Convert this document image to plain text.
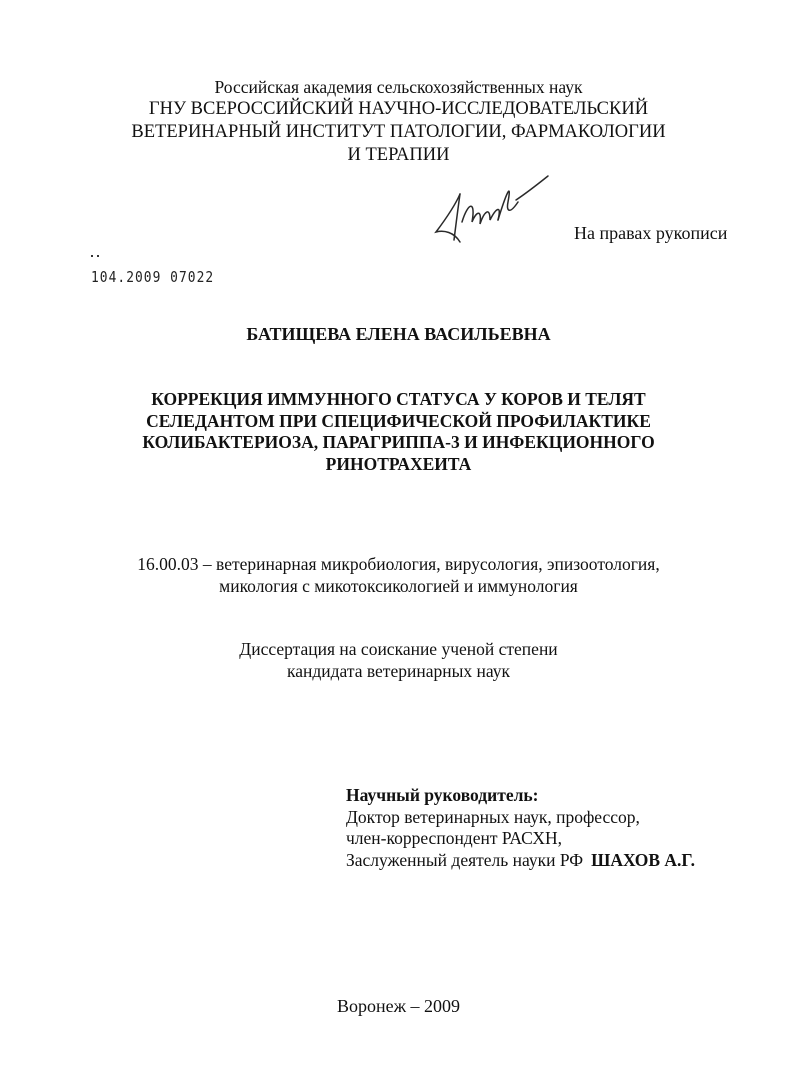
Российская академия сельскохозяйственных наук
ГНУ ВСЕРОССИЙСКИЙ НАУЧНО-ИССЛЕДОВАТЕЛЬСКИЙ
ВЕТЕРИНАРНЫЙ ИНСТИТУТ ПАТОЛОГИИ, ФАРМАКОЛОГИИ
И ТЕРАПИИ
На правах рукописи
104.2009 07022
БАТИЩЕВА ЕЛЕНА ВАСИЛЬЕВНА
КОРРЕКЦИЯ ИММУННОГО СТАТУСА У КОРОВ И ТЕЛЯТ
СЕЛЕДАНТОМ ПРИ СПЕЦИФИЧЕСКОЙ ПРОФИЛАКТИКЕ
КОЛИБАКТЕРИОЗА, ПАРАГРИППА-3 И ИНФЕКЦИОННОГО
РИНОТРАХЕИТА
16.00.03 – ветеринарная микробиология, вирусология, эпизоотология,
микология с микотоксикологией и иммунология
Диссертация на соискание ученой степени
кандидата ветеринарных наук
Научный руководитель:
Доктор ветеринарных наук, профессор,
член-корреспондент РАСХН,
Заслуженный деятель науки РФ ШАХОВ А.Г.
Воронеж – 2009
